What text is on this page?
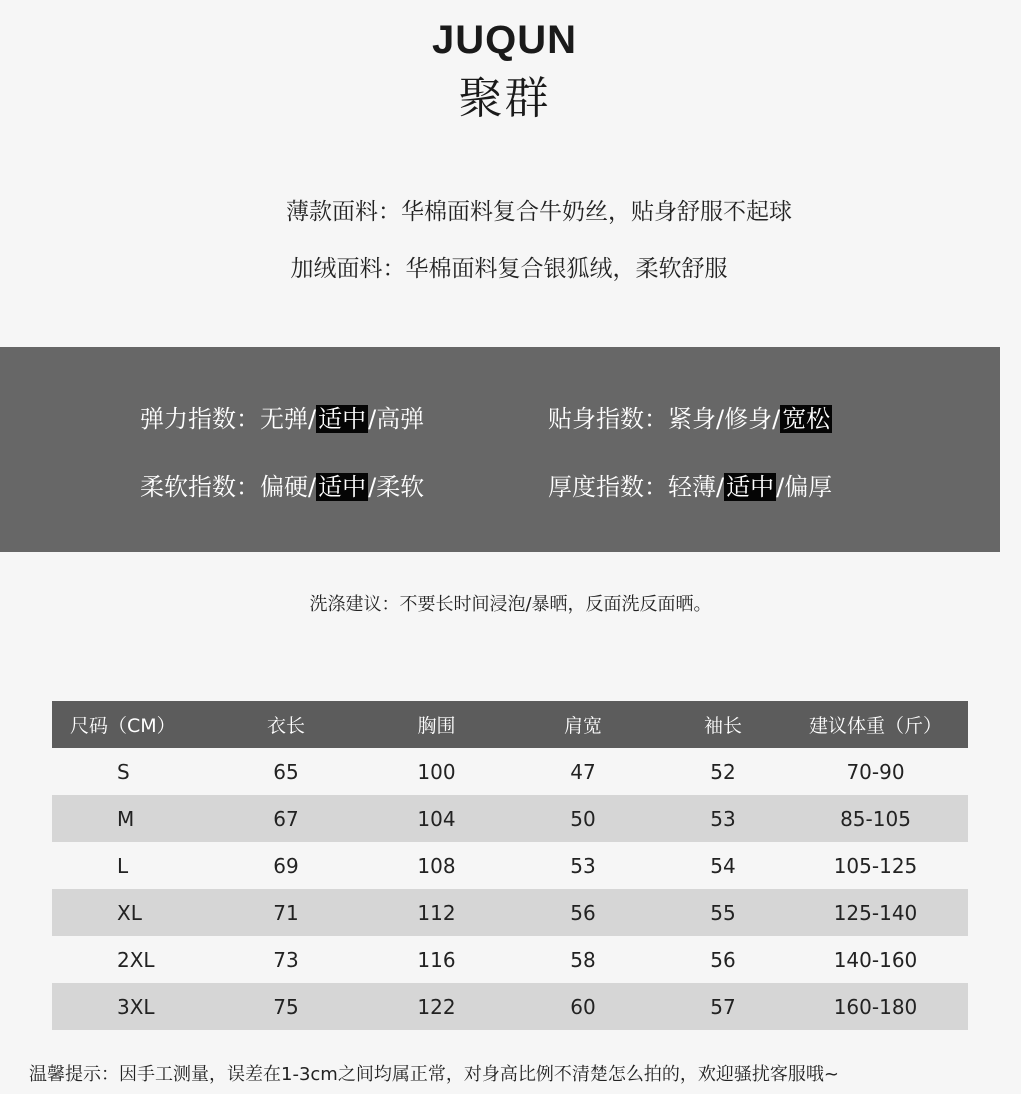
JUQUN
聚群
薄款面料：华棉面料复合牛奶丝，贴身舒服不起球
加绒面料：华棉面料复合银狐绒，柔软舒服
弹力指数：无弹/适中/高弹	贴身指数：紧身/修身/宽松
柔软指数：偏硬/适中/柔软	厚度指数：轻薄/适中/偏厚
洗涤建议：不要长时间浸泡/暴晒，反面洗反面晒。
尺码（CM）	衣长	胸围	肩宽	袖长	建议体重（斤）
S	65	100	47	52	70-90
M	67	104	50	53	85-105
L	69	108	53	54	105-125
XL	71	112	56	55	125-140
2XL	73	116	58	56	140-160
3XL	75	122	60	57	160-180
温馨提示：因手工测量，误差在1-3cm之间均属正常，对身高比例不清楚怎么拍的，欢迎骚扰客服哦~
